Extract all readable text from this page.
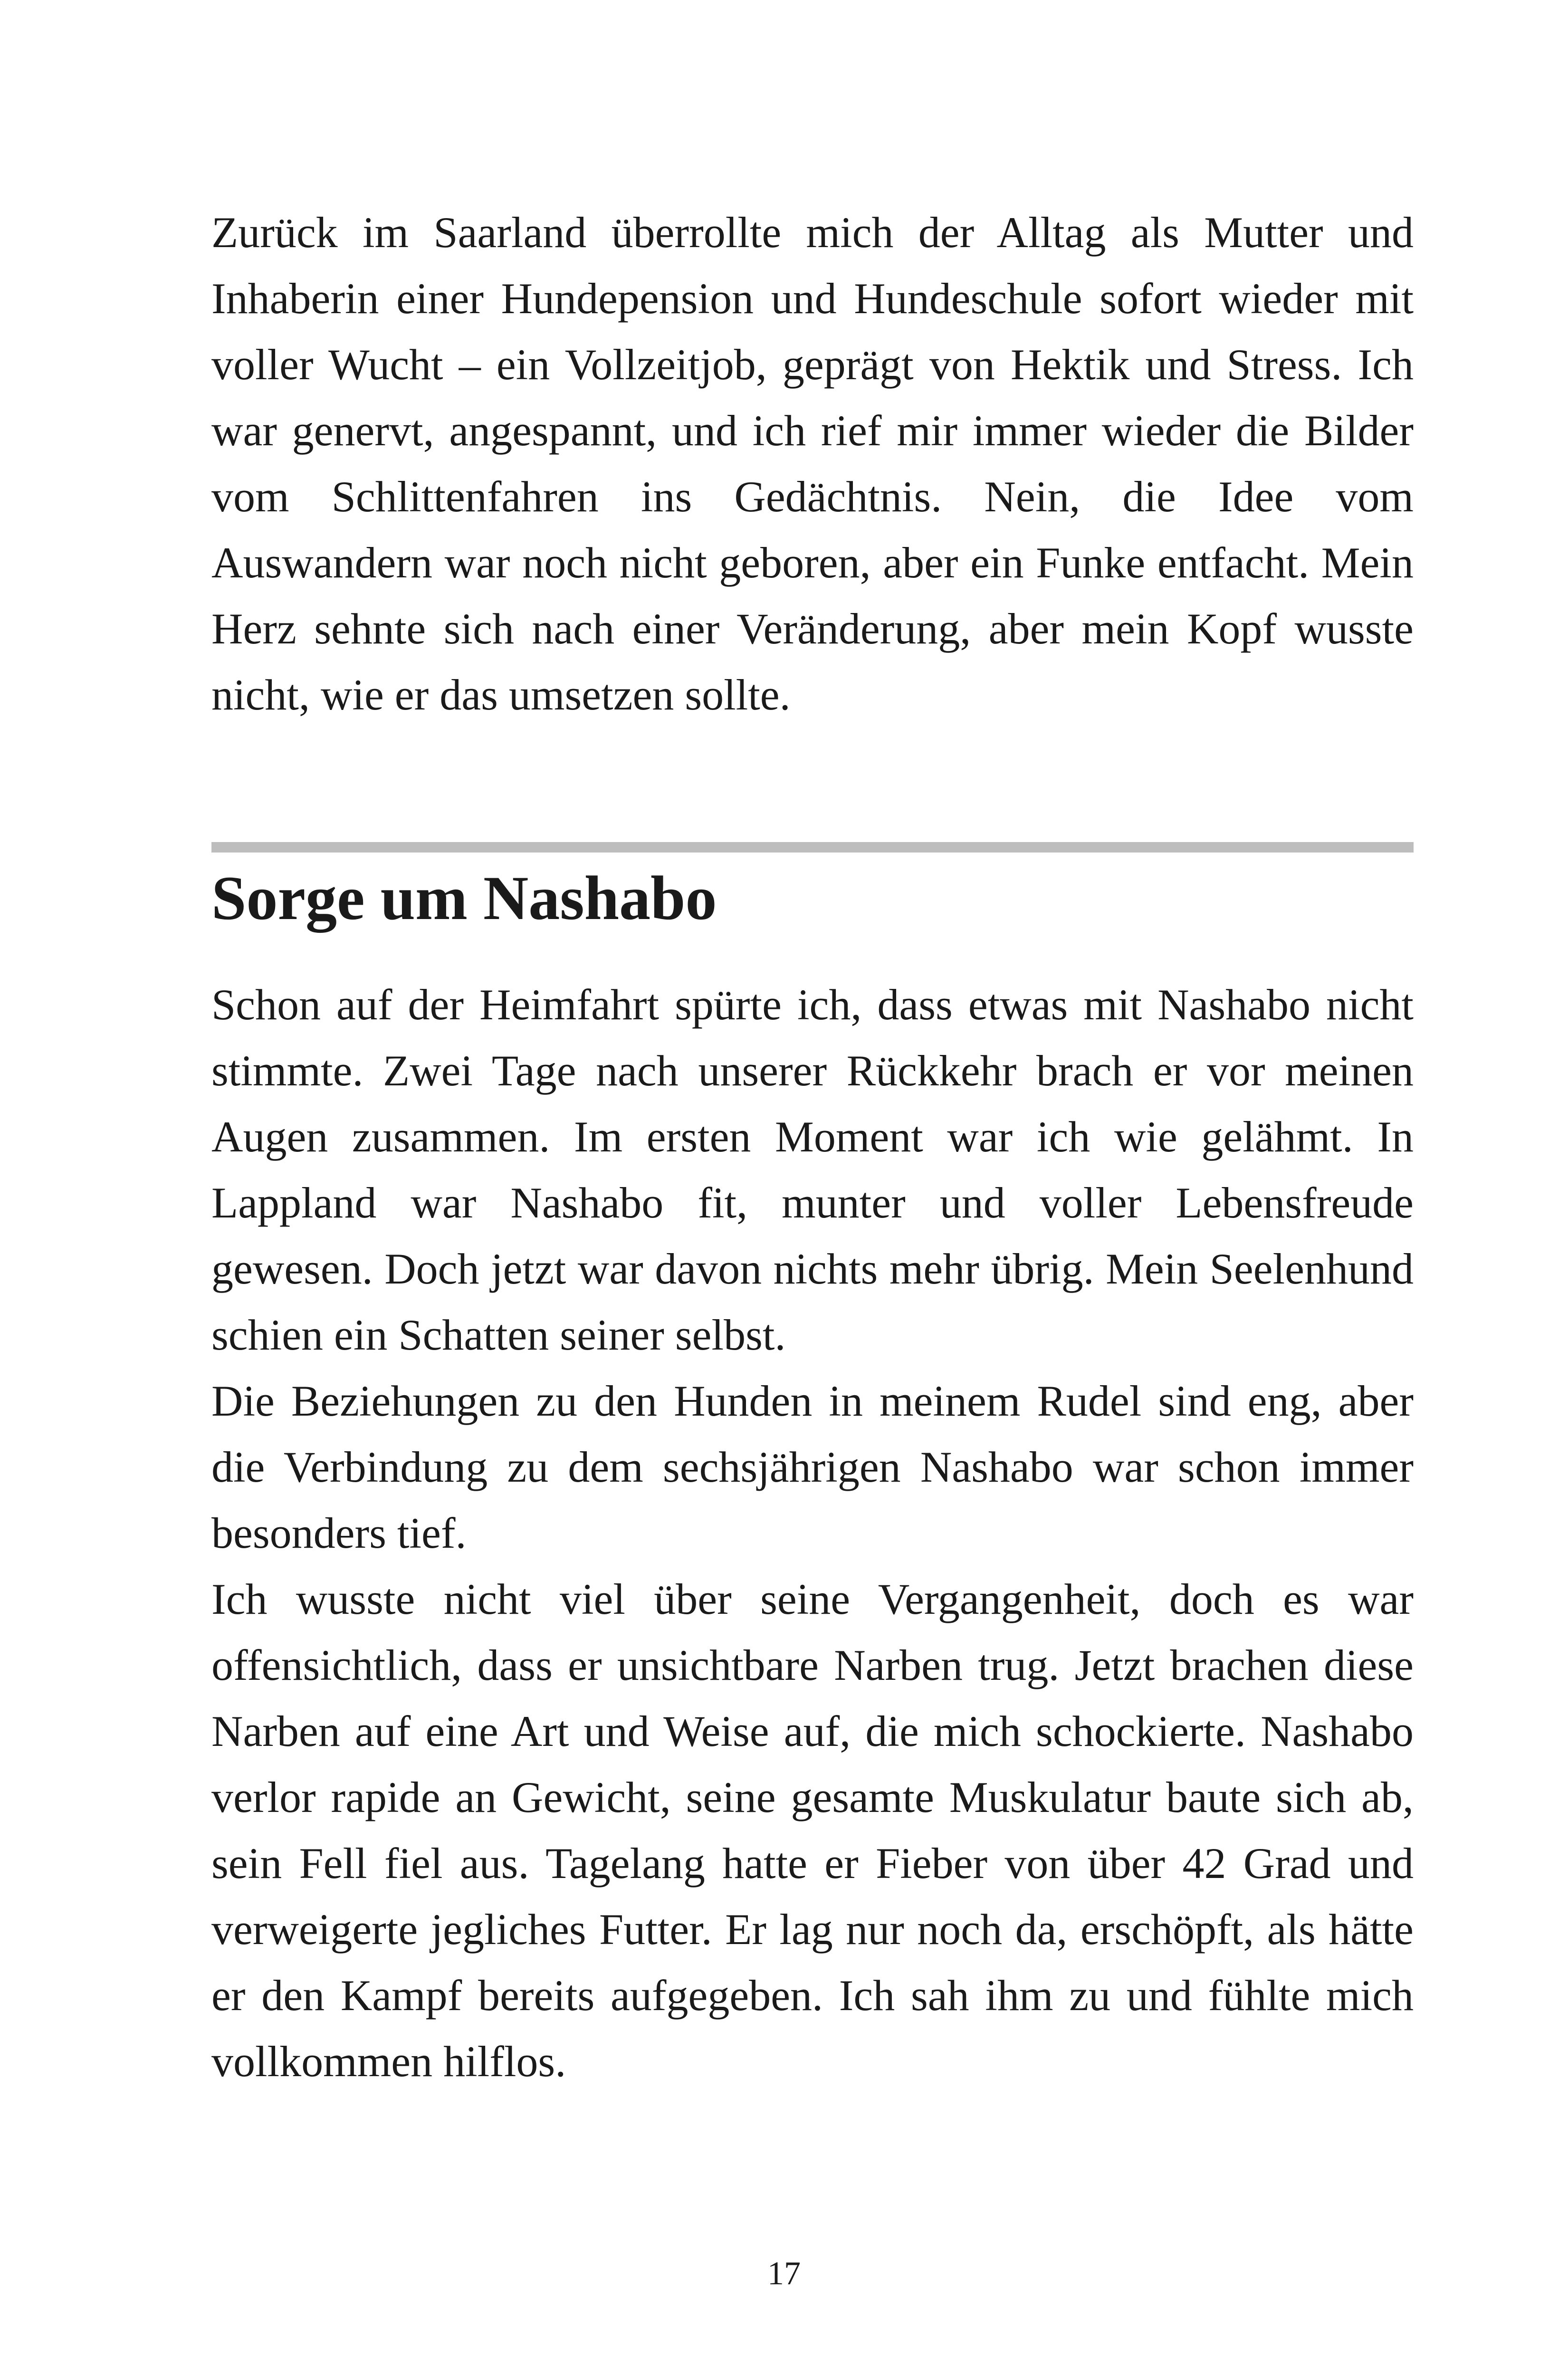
Zurück im Saarland überrollte mich der Alltag als Mutter und Inhaberin einer Hundepension und Hundeschule sofort wieder mit voller Wucht – ein Vollzeitjob, geprägt von Hektik und Stress. Ich war genervt, angespannt, und ich rief mir immer wieder die Bilder vom Schlittenfahren ins Gedächtnis. Nein, die Idee vom Auswandern war noch nicht geboren, aber ein Funke entfacht. Mein Herz sehnte sich nach einer Veränderung, aber mein Kopf wusste nicht, wie er das umsetzen sollte.

Sorge um Nashabo

Schon auf der Heimfahrt spürte ich, dass etwas mit Nashabo nicht stimmte. Zwei Tage nach unserer Rückkehr brach er vor meinen Augen zusammen. Im ersten Moment war ich wie gelähmt. In Lappland war Nashabo fit, munter und voller Lebensfreude gewesen. Doch jetzt war davon nichts mehr übrig. Mein Seelenhund schien ein Schatten seiner selbst.

Die Beziehungen zu den Hunden in meinem Rudel sind eng, aber die Verbindung zu dem sechsjährigen Nashabo war schon immer besonders tief.

Ich wusste nicht viel über seine Vergangenheit, doch es war offensichtlich, dass er unsichtbare Narben trug. Jetzt brachen diese Narben auf eine Art und Weise auf, die mich schockierte. Nashabo verlor rapide an Gewicht, seine gesamte Muskulatur baute sich ab, sein Fell fiel aus. Tagelang hatte er Fieber von über 42 Grad und verweigerte jegliches Futter. Er lag nur noch da, erschöpft, als hätte er den Kampf bereits aufgegeben. Ich sah ihm zu und fühlte mich vollkommen hilflos.

17
